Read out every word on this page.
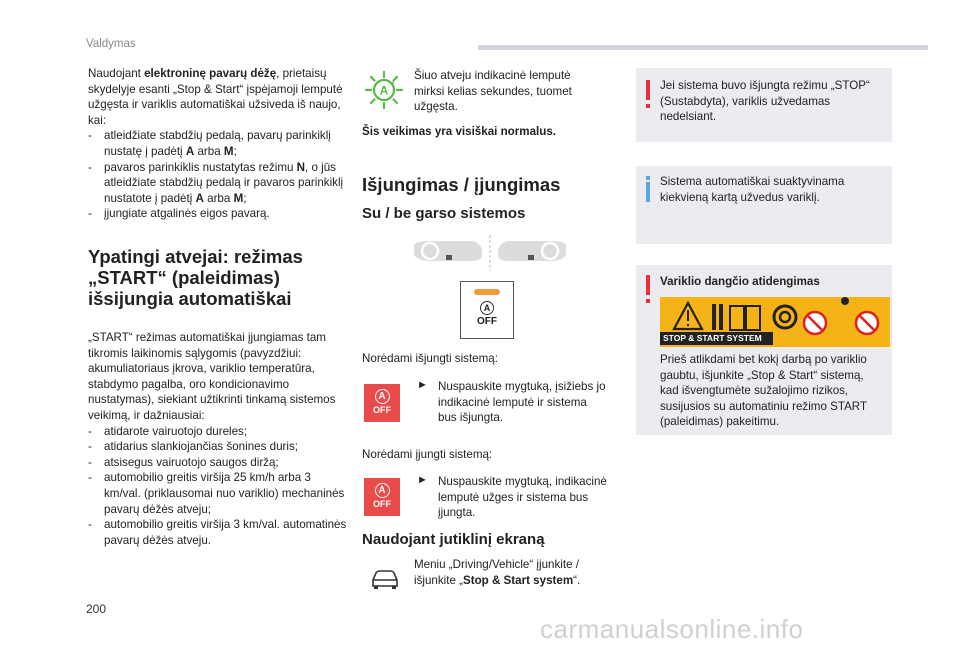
Valdymas
Naudojant elektroninę pavarų dėžę, prietaisų skydelyje esanti „Stop & Start“ įspėjamoji lemputė užgęsta ir variklis automatiškai užsiveda iš naujo, kai:
- atleidžiate stabdžių pedalą, pavarų parinkiklį nustatę į padėtį A arba M;
- pavaros parinkiklis nustatytas režimu N, o jūs atleidžiate stabdžių pedalą ir pavaros parinkiklį nustatote į padėtį A arba M;
- įjungiate atgalinės eigos pavarą.
Ypatingi atvejai: režimas „START“ (paleidimas) išsijungia automatiškai
„START“ režimas automatiškai įjungiamas tam tikromis laikinomis sąlygomis (pavyzdžiui: akumuliatoriaus įkrova, variklio temperatūra, stabdymo pagalba, oro kondicionavimo nustatymas), siekiant užtikrinti tinkamą sistemos veikimą, ir dažniausiai:
- atidarote vairuotojo dureles;
- atidarius slankiojančias šonines duris;
- atsisegus vairuotojo saugos diržą;
- automobilio greitis viršija 25 km/h arba 3 km/val. (priklausomai nuo variklio) mechaninės pavarų dėžės atveju;
- automobilio greitis viršija 3 km/val. automatinės pavarų dėžės atveju.
A
Šiuo atveju indikacinė lemputė mirksi kelias sekundes, tuomet užgęsta.
Šis veikimas yra visiškai normalus.
Išjungimas / įjungimas
Su / be garso sistemos
A
OFF
Norėdami išjungti sistemą:
A
OFF
► Nuspauskite mygtuką, įsižiebs jo indikacinė lemputė ir sistema bus išjungta.
Norėdami įjungti sistemą:
A
OFF
► Nuspauskite mygtuką, indikacinė lemputė užges ir sistema bus įjungta.
Naudojant jutiklinį ekraną
Meniu „Driving/Vehicle“ įjunkite / išjunkite „Stop & Start system“.
Jei sistema buvo išjungta režimu „STOP“ (Sustabdyta), variklis užvedamas nedelsiant.
Sistema automatiškai suaktyvinama kiekvieną kartą užvedus variklį.
Variklio dangčio atidengimas
i
STOP & START SYSTEM
Prieš atlikdami bet kokį darbą po variklio gaubtu, išjunkite „Stop & Start“ sistemą, kad išvengtumėte sužalojimo rizikos, susijusios su automatiniu režimo START (paleidimas) pakeitimu.
200
carmanualsonline.info
